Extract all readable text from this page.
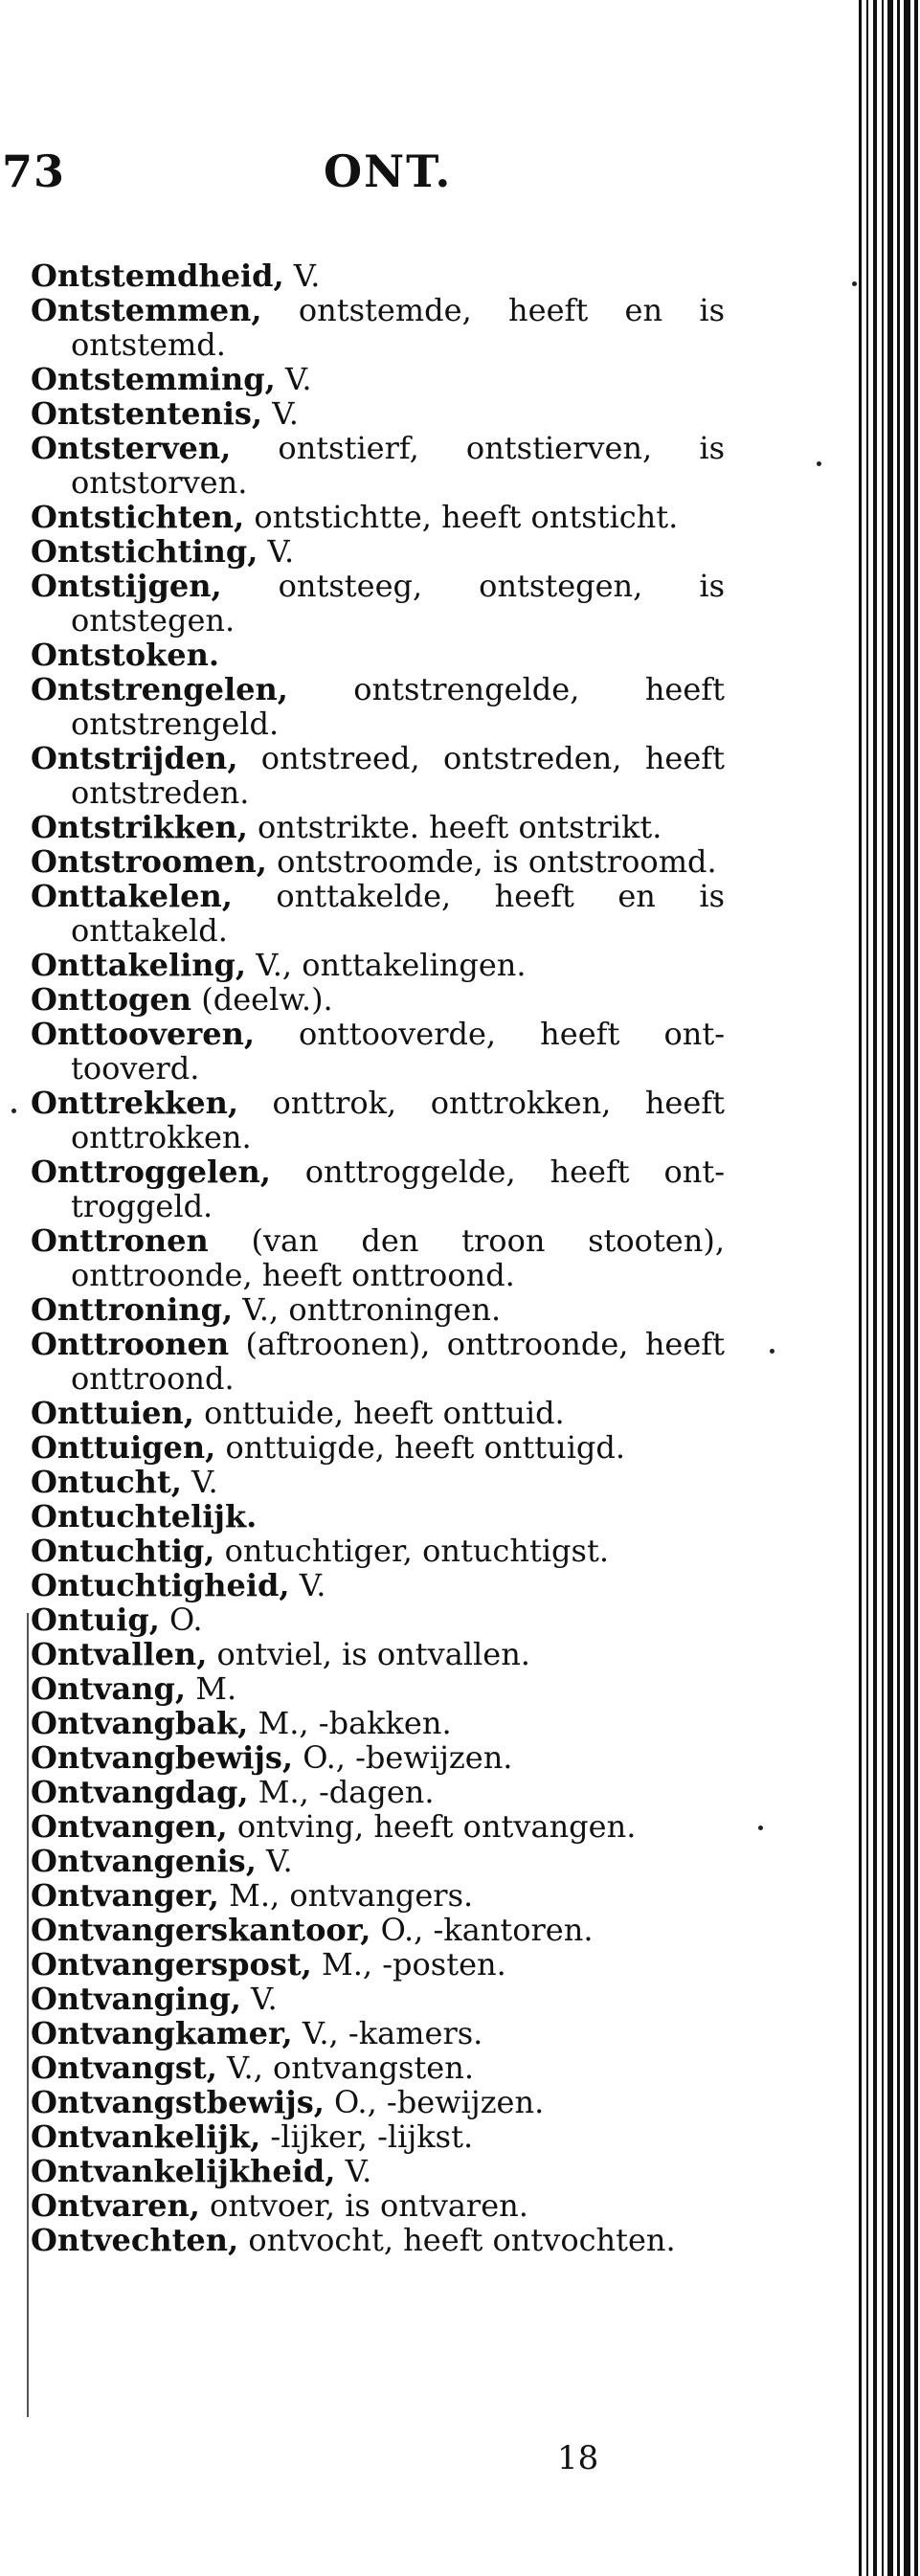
73	ONT.
Ontstemdheid, V.
Ontstemmen, ontstemde, heeft en is ontstemd.
Ontstemming, V.
Ontstentenis, V.
Ontsterven, ontstierf, ontstierven, is ontstorven.
Ontstichten, ontstichtte, heeft ontsticht.
Ontstichting, V.
Ontstijgen, ontsteeg, ontstegen, is ontstegen.
Ontstoken.
Ontstrengelen, ontstrengelde, heeft ontstrengeld.
Ontstrijden, ontstreed, ontstreden, heeft ontstreden.
Ontstrikken, ontstrikte. heeft ontstrikt.
Ontstroomen, ontstroomde, is ontstroomd.
Onttakelen, onttakelde, heeft en is onttakeld.
Onttakeling, V., onttakelingen.
Onttogen (deelw.).
Onttooveren, onttooverde, heeft onttooverd.
Onttrekken, onttrok, onttrokken, heeft onttrokken.
Onttroggelen, onttroggelde, heeft onttroggeld.
Onttronen (van den troon stooten), onttroonde, heeft onttroond.
Onttroning, V., onttroningen.
Onttroonen (aftroonen), onttroonde, heeft onttroond.
Onttuien, onttuide, heeft onttuid.
Onttuigen, onttuigde, heeft onttuigd.
Ontucht, V.
Ontuchtelijk.
Ontuchtig, ontuchtiger, ontuchtigst.
Ontuchtigheid, V.
Ontuig, O.
Ontvallen, ontviel, is ontvallen.
Ontvang, M.
Ontvangbak, M., -bakken.
Ontvangbewijs, O., -bewijzen.
Ontvangdag, M., -dagen.
Ontvangen, ontving, heeft ontvangen.
Ontvangenis, V.
Ontvanger, M., ontvangers.
Ontvangerskantoor, O., -kantoren.
Ontvangerspost, M., -posten.
Ontvanging, V.
Ontvangkamer, V., -kamers.
Ontvangst, V., ontvangsten.
Ontvangstbewijs, O., -bewijzen.
Ontvankelijk, -lijker, -lijkst.
Ontvankelijkheid, V.
Ontvaren, ontvoer, is ontvaren.
Ontvechten, ontvocht, heeft ontvochten.
18
